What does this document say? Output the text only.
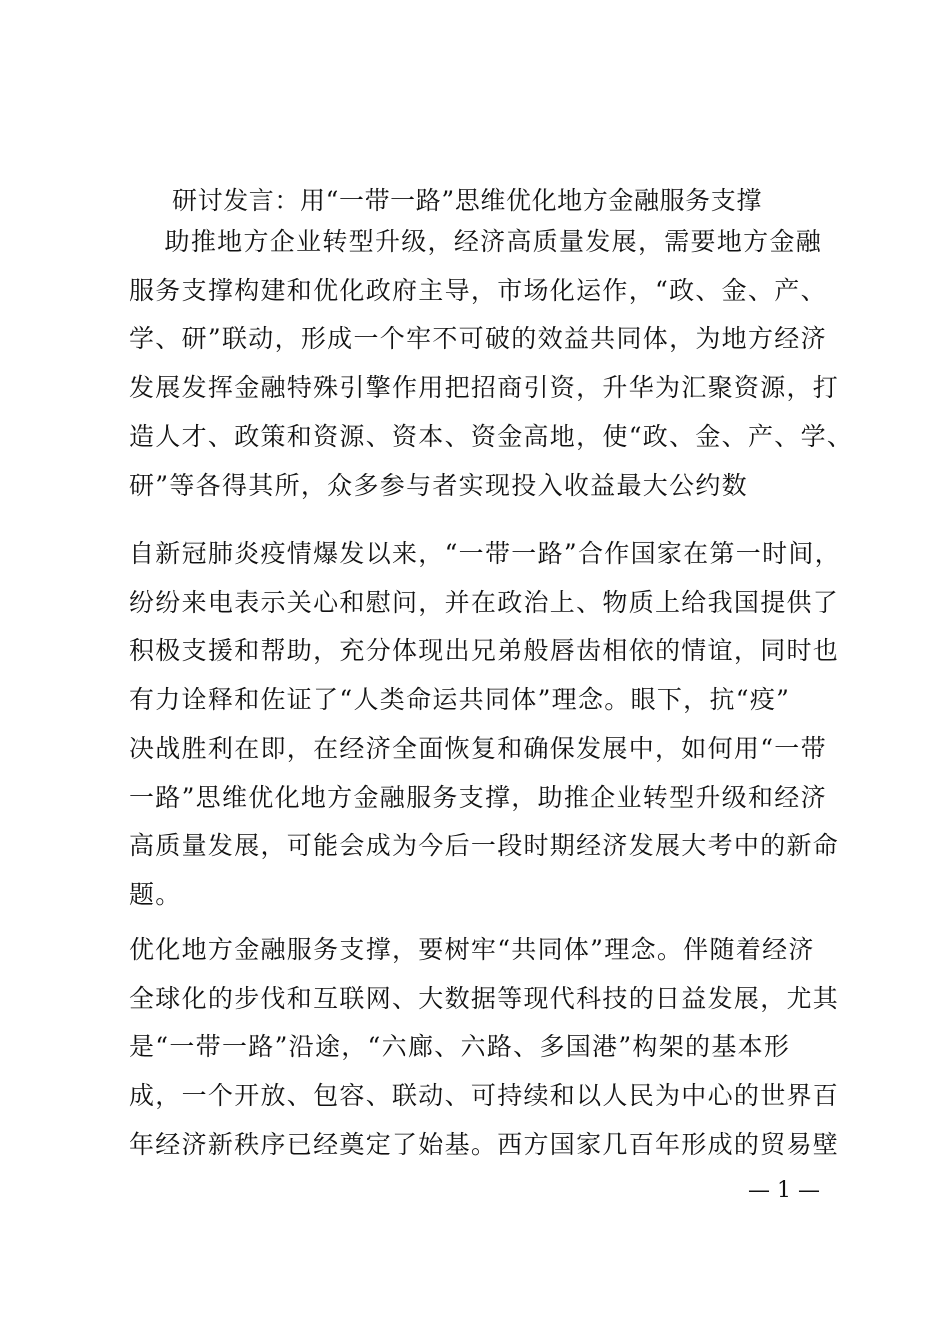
研讨发言：用“一带一路”思维优化地方金融服务支撑
　 助推地方企业转型升级，经济高质量发展，需要地方金融
服务支撑构建和优化政府主导，市场化运作，“政、金、产、
学、研”联动，形成一个牢不可破的效益共同体，为地方经济
发展发挥金融特殊引擎作用把招商引资，升华为汇聚资源，打
造人才、政策和资源、资本、资金高地，使“政、金、产、学、
研”等各得其所，众多参与者实现投入收益最大公约数
自新冠肺炎疫情爆发以来，“一带一路”合作国家在第一时间，
纷纷来电表示关心和慰问，并在政治上、物质上给我国提供了
积极支援和帮助，充分体现出兄弟般唇齿相依的情谊，同时也
有力诠释和佐证了“人类命运共同体”理念。眼下，抗“疫”
决战胜利在即，在经济全面恢复和确保发展中，如何用“一带
一路”思维优化地方金融服务支撑，助推企业转型升级和经济
高质量发展，可能会成为今后一段时期经济发展大考中的新命
题。
优化地方金融服务支撑，要树牢“共同体”理念。伴随着经济
全球化的步伐和互联网、大数据等现代科技的日益发展，尤其
是“一带一路”沿途，“六廊、六路、多国港”构架的基本形
成，一个开放、包容、联动、可持续和以人民为中心的世界百
年经济新秩序已经奠定了始基。西方国家几百年形成的贸易壁
— 1 —
